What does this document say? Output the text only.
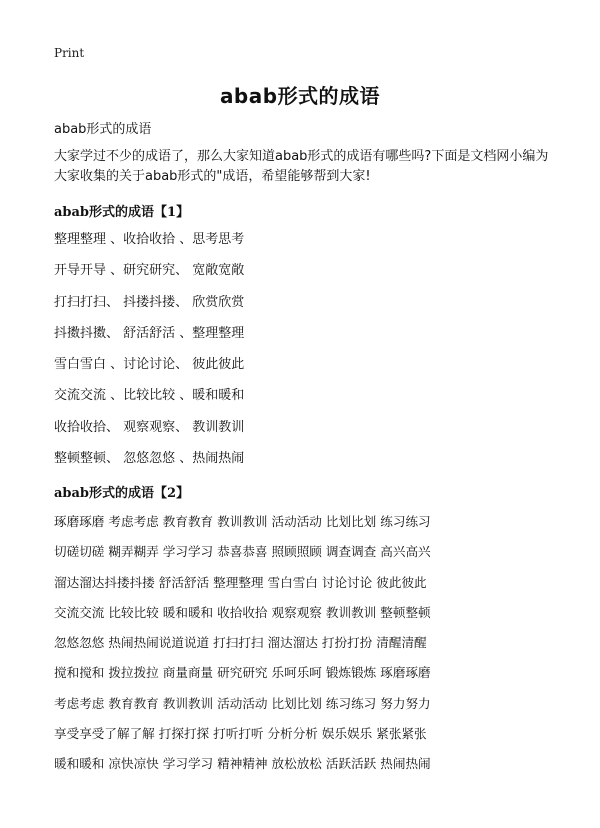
Print
abab形式的成语
abab形式的成语
大家学过不少的成语了，那么大家知道abab形式的成语有哪些吗?下面是文档网小编为大家收集的关于abab形式的"成语，希望能够帮到大家!
abab形式的成语【1】
整理整理 、收拾收拾 、思考思考
开导开导 、研究研究、 宽敞宽敞
打扫打扫、 抖搂抖搂、 欣赏欣赏
抖擞抖擞、 舒活舒活 、整理整理
雪白雪白 、讨论讨论、 彼此彼此
交流交流 、比较比较 、暖和暖和
收拾收拾、 观察观察、 教训教训
整顿整顿、 忽悠忽悠 、热闹热闹
abab形式的成语【2】
琢磨琢磨 考虑考虑 教育教育 教训教训 活动活动 比划比划 练习练习
切磋切磋 糊弄糊弄 学习学习 恭喜恭喜 照顾照顾 调查调查 高兴高兴
溜达溜达抖搂抖搂 舒活舒活 整理整理 雪白雪白 讨论讨论 彼此彼此
交流交流 比较比较 暖和暖和 收拾收拾 观察观察 教训教训 整顿整顿
忽悠忽悠 热闹热闹说道说道 打扫打扫 溜达溜达 打扮打扮 清醒清醒
搅和搅和 拨拉拨拉 商量商量 研究研究 乐呵乐呵 锻炼锻炼 琢磨琢磨
考虑考虑 教育教育 教训教训 活动活动 比划比划 练习练习 努力努力
享受享受了解了解 打探打探 打听打听 分析分析 娱乐娱乐 紧张紧张
暖和暖和 凉快凉快 学习学习 精神精神 放松放松 活跃活跃 热闹热闹
